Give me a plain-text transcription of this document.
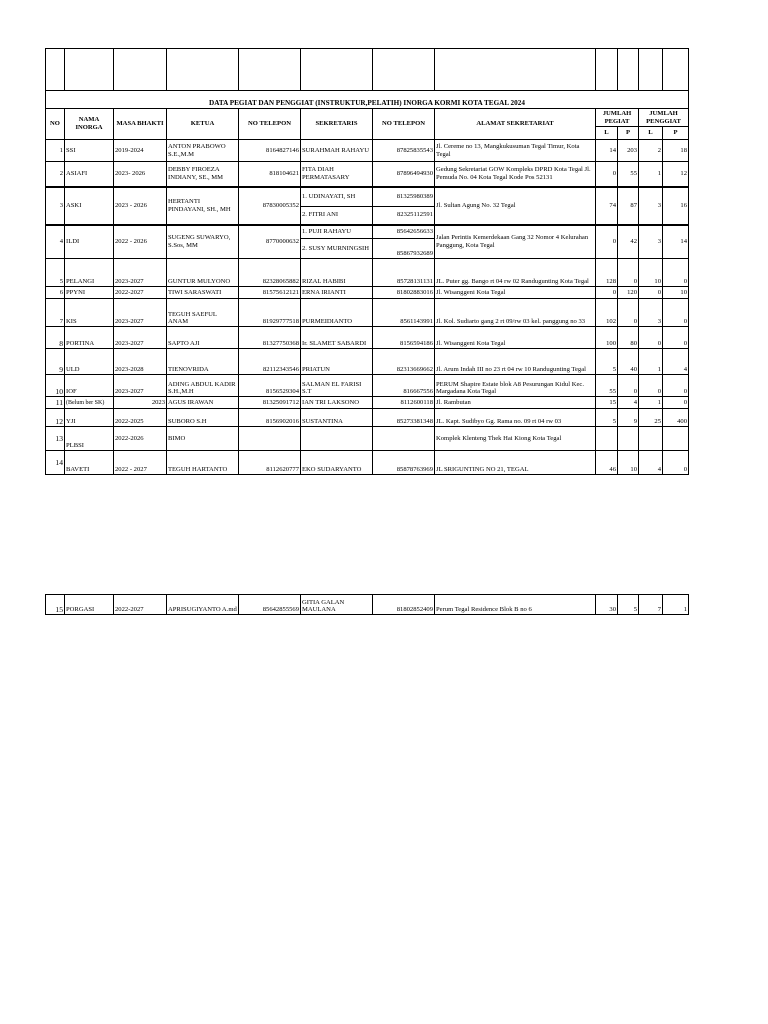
DATA PEGIAT DAN PENGGIAT (INSTRUKTUR,PELATIH) INORGA KORMI KOTA TEGAL 2024											

NO	NAMA INORGA	MASA BHAKTI	KETUA	NO TELEPON	SEKRETARIS	NO TELEPON	ALAMAT SEKRETARIAT	JUMLAH PEGIAT		JUMLAH PENGGIAT	
								L	P	L	P
1	SSI	2019-2024	ANTON PRABOWO S.E.,M.M	8164827146	SURAHMAH RAHAYU	87825835543	Jl. Cereme no 13, Mangkukusuman Tegal Timur, Kota Tegal	14	203	2	18
2	ASIAFI	2023- 2026	DEBBY FIROEZA INDIANY, SE., MM	818104621	FITA DIAH PERMATASARY	87896494930	Gedung Sekretariat GOW Kompleks DPRD Kota Tegal Jl. Pemuda No. 04 Kota Tegal Kode Pos 52131	0	55	1	12
3	ASKI	2023 - 2026	HERTANTI PINDAYANI, SH., MH	87830005352	1. UDINAYATI, SH	81325980389	Jl. Sultan Agung No. 32 Tegal	74	87	3	16
					2. FITRI ANI	82325112591					
4	ILDI	2022 - 2026	SUGENG SUWARYO, S.Sos, MM	8770000632	1. PUJI RAHAYU	85642656633	Jalan Perintis Kemerdekaan Gang 32 Nomor 4 Kelurahan Panggung, Kota Tegal	0	42	3	14
					2. SUSY MURNINGSIH	85867932689					
5	PELANGI	2023-2027	GUNTUR MULYONO	82328065882	RIZAL HABIBI	85728131131	JL. Puter gg. Bango rt 04 rw 02 Randugunting Kota Tegal	128	0	10	0
6	PPYNI	2022-2027	TIWI SARASWATI	81575612121	ERNA IRIANTI	81802883016	Jl. Wisanggeni Kota Tegal	0	120	0	10
7	KIS	2023-2027	TEGUH SAEFUL ANAM	81929777518	PURMEIDIANTO	8561143991	Jl. Kol. Sudiarto gang 2 rt 09/rw 03 kel. panggung no 33	102	0	3	0
8	PORTINA	2023-2027	SAPTO AJI	81327750368	Ir. SLAMET SABARDI	8156594186	Jl. Wisanggeni Kota Tegal	100	80	0	0
9	ULD	2023-2028	TIENOVRIDA	82112343546	PRIATUN	82313669662	Jl. Arum Indah III no 23 rt 04 rw 10 Randugunting Tegal	5	40	1	4
10	IOF	2023-2027	ADING ABDUL KADIR S.H.,M.H	8156529304	SALMAN EL FARISI S.T	816667556	PERUM Shapire Estate blok A8 Pesurungan Kidul Kec. Margadana Kota Tegal	55	0	0	0
11	(Belum ber SK)	2023	AGUS IRAWAN	81325091712	IAN TRI LAKSONO	8112600118	Jl. Rambutan	15	4	1	0
12	YJI	2022-2025	SUBORO S.H	8156902016	SUSTANTINA	85273381348	JL. Kapt. Sudibyo Gg. Rama no. 09 rt 04 rw 03	5	9	25	400
13	PLBSI	2022-2026	BIMO				Komplek Klenteng Thek Hai Kiong Kota Tegal				
14	BAVETI	2022 - 2027	TEGUH HARTANTO	8112620777	EKO SUDARYANTO	85878763969	JL SRIGUNTING NO 21, TEGAL	46	10	4	0
15	PORGASI	2022-2027	APRISUGIYANTO A.md	85642855569	GITIA GALAN MAULANA	81802852409	Perum Tegal Residence Blok B no 6	30	5	7	1
